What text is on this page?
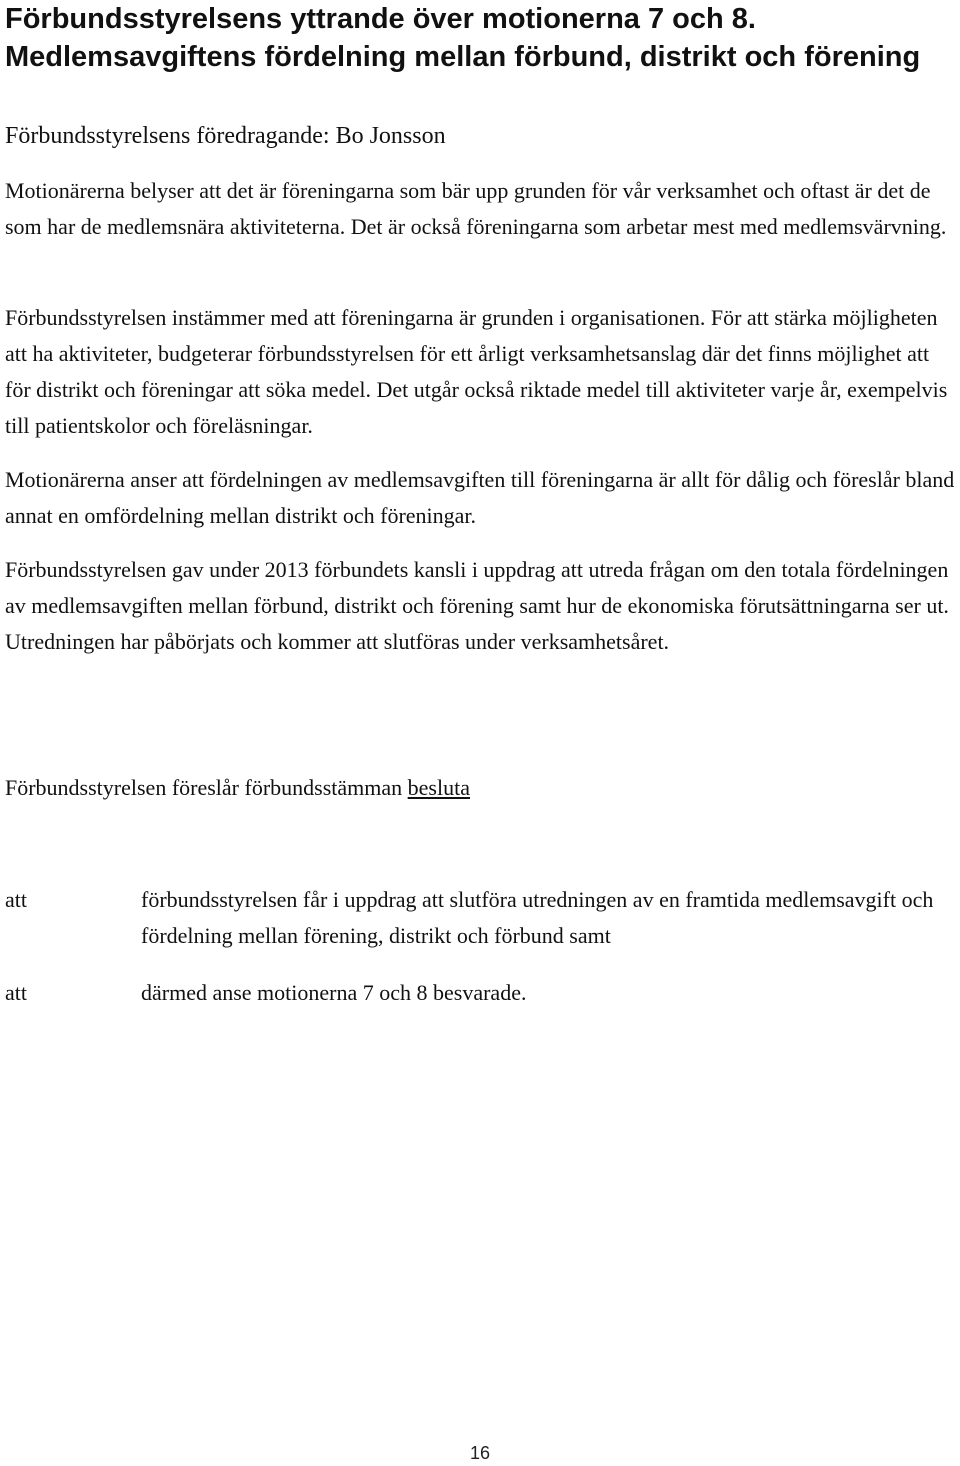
Förbundsstyrelsens yttrande över motionerna 7 och 8. Medlemsavgiftens fördelning mellan förbund, distrikt och förening

Förbundsstyrelsens föredragande: Bo Jonsson

Motionärerna belyser att det är föreningarna som bär upp grunden för vår verksamhet och oftast är det de som har de medlemsnära aktiviteterna. Det är också föreningarna som arbetar mest med medlemsvärvning.

Förbundsstyrelsen instämmer med att föreningarna är grunden i organisationen. För att stärka möjligheten att ha aktiviteter, budgeterar förbundsstyrelsen för ett årligt verksamhetsanslag där det finns möjlighet att för distrikt och föreningar att söka medel. Det utgår också riktade medel till aktiviteter varje år, exempelvis till patientskolor och föreläsningar.

Motionärerna anser att fördelningen av medlemsavgiften till föreningarna är allt för dålig och föreslår bland annat en omfördelning mellan distrikt och föreningar.

Förbundsstyrelsen gav under 2013 förbundets kansli i uppdrag att utreda frågan om den totala fördelningen av medlemsavgiften mellan förbund, distrikt och förening samt hur de ekonomiska förutsättningarna ser ut. Utredningen har påbörjats och kommer att slutföras under verksamhetsåret.

Förbundsstyrelsen föreslår förbundsstämman besluta

att	förbundsstyrelsen får i uppdrag att slutföra utredningen av en framtida medlemsavgift och fördelning mellan förening, distrikt och förbund samt
att	därmed anse motionerna 7 och 8 besvarade.
16
